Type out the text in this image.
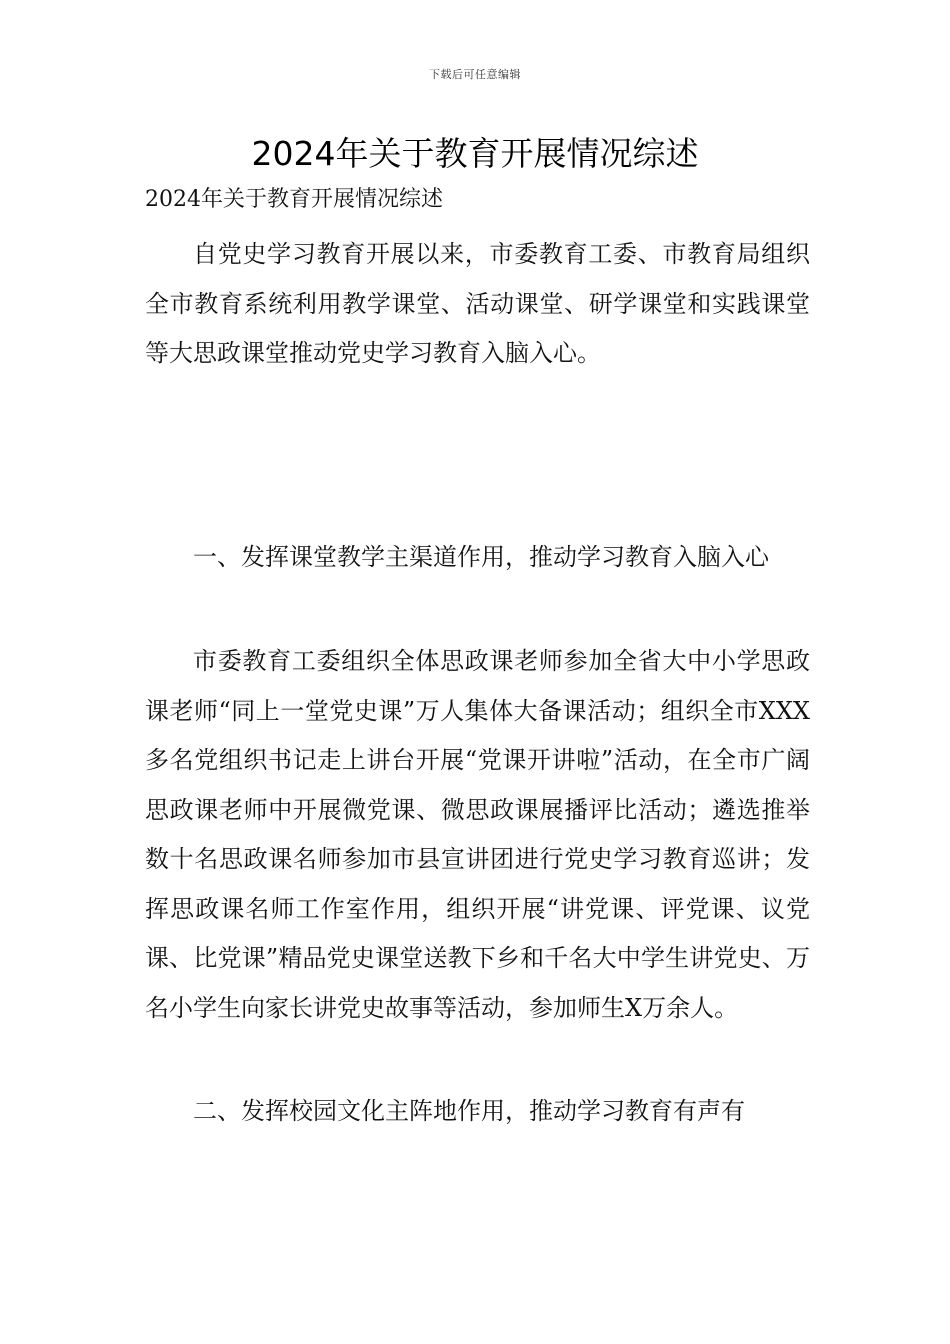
下载后可任意编辑
2024年关于教育开展情况综述

2024年关于教育开展情况综述

自党史学习教育开展以来，市委教育工委、市教育局组织全市教育系统利用教学课堂、活动课堂、研学课堂和实践课堂等大思政课堂推动党史学习教育入脑入心。

一、发挥课堂教学主渠道作用，推动学习教育入脑入心

市委教育工委组织全体思政课老师参加全省大中小学思政课老师“同上一堂党史课”万人集体大备课活动；组织全市XXX多名党组织书记走上讲台开展“党课开讲啦”活动，在全市广阔思政课老师中开展微党课、微思政课展播评比活动；遴选推举数十名思政课名师参加市县宣讲团进行党史学习教育巡讲；发挥思政课名师工作室作用，组织开展“讲党课、评党课、议党课、比党课”精品党史课堂送教下乡和千名大中学生讲党史、万名小学生向家长讲党史故事等活动，参加师生X万余人。

二、发挥校园文化主阵地作用，推动学习教育有声有
